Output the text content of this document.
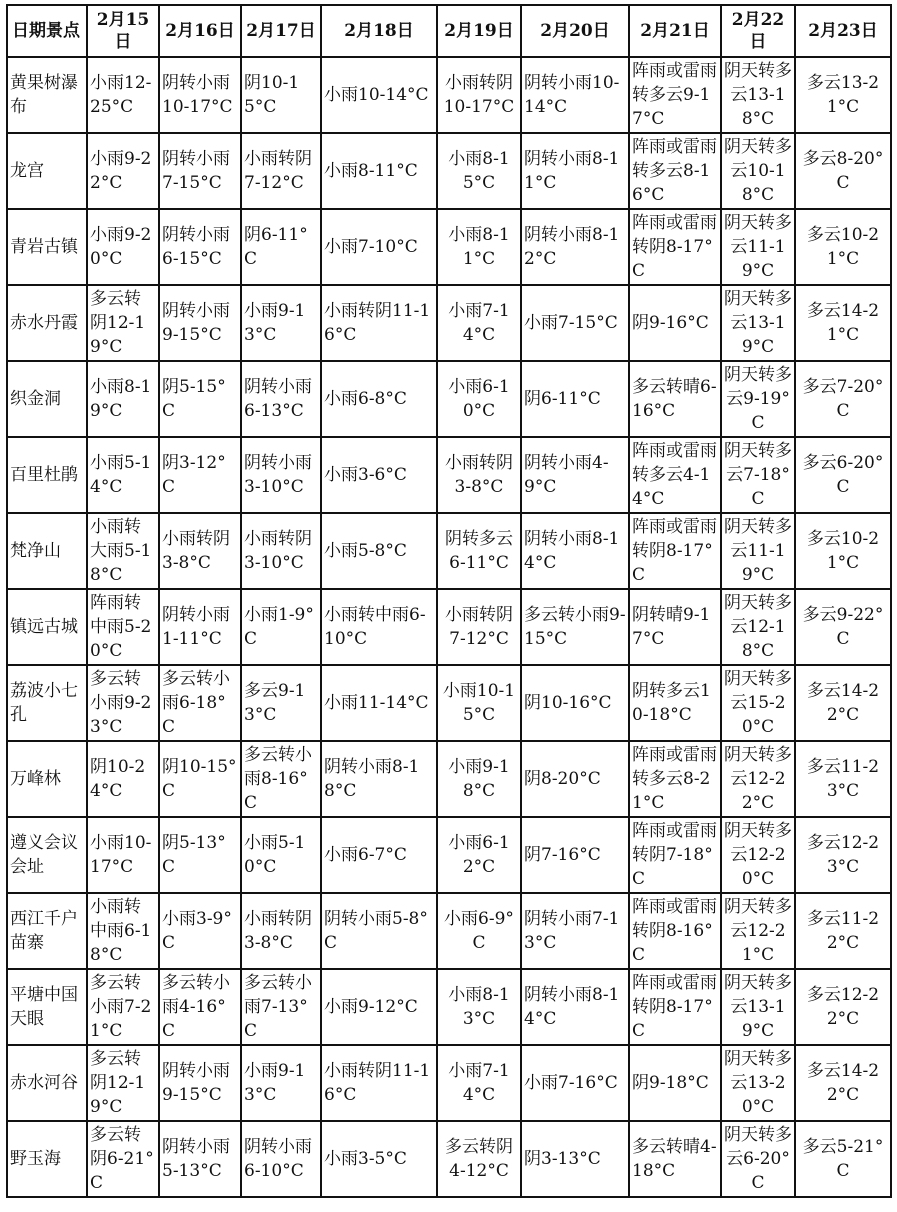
日期景点	2月15日	2月16日	2月17日	2月18日	2月19日	2月20日	2月21日	2月22日	2月23日
黄果树瀑布	小雨12-25°C	阴转小雨10-17°C	阴10-15°C	小雨10-14°C	小雨转阴10-17°C	阴转小雨10-14°C	阵雨或雷雨转多云9-17°C	阴天转多云13-18°C	多云13-21°C
龙宫	小雨9-22°C	阴转小雨7-15°C	小雨转阴7-12°C	小雨8-11°C	小雨8-15°C	阴转小雨8-11°C	阵雨或雷雨转多云8-16°C	阴天转多云10-18°C	多云8-20°C
青岩古镇	小雨9-20°C	阴转小雨6-15°C	阴6-11°C	小雨7-10°C	小雨8-11°C	阴转小雨8-12°C	阵雨或雷雨转阴8-17°C	阴天转多云11-19°C	多云10-21°C
赤水丹霞	多云转阴12-19°C	阴转小雨9-15°C	小雨9-13°C	小雨转阴11-16°C	小雨7-14°C	小雨7-15°C	阴9-16°C	阴天转多云13-19°C	多云14-21°C
织金洞	小雨8-19°C	阴5-15°C	阴转小雨6-13°C	小雨6-8°C	小雨6-10°C	阴6-11°C	多云转晴6-16°C	阴天转多云9-19°C	多云7-20°C
百里杜鹃	小雨5-14°C	阴3-12°C	阴转小雨3-10°C	小雨3-6°C	小雨转阴3-8°C	阴转小雨4-9°C	阵雨或雷雨转多云4-14°C	阴天转多云7-18°C	多云6-20°C
梵净山	小雨转大雨5-18°C	小雨转阴3-8°C	小雨转阴3-10°C	小雨5-8°C	阴转多云6-11°C	阴转小雨8-14°C	阵雨或雷雨转阴8-17°C	阴天转多云11-19°C	多云10-21°C
镇远古城	阵雨转中雨5-20°C	阴转小雨1-11°C	小雨1-9°C	小雨转中雨6-10°C	小雨转阴7-12°C	多云转小雨9-15°C	阴转晴9-17°C	阴天转多云12-18°C	多云9-22°C
荔波小七孔	多云转小雨9-23°C	多云转小雨6-18°C	多云9-13°C	小雨11-14°C	小雨10-15°C	阴10-16°C	阴转多云10-18°C	阴天转多云15-20°C	多云14-22°C
万峰林	阴10-24°C	阴10-15°C	多云转小雨8-16°C	阴转小雨8-18°C	小雨9-18°C	阴8-20°C	阵雨或雷雨转多云8-21°C	阴天转多云12-22°C	多云11-23°C
遵义会议会址	小雨10-17°C	阴5-13°C	小雨5-10°C	小雨6-7°C	小雨6-12°C	阴7-16°C	阵雨或雷雨转阴7-18°C	阴天转多云12-20°C	多云12-23°C
西江千户苗寨	小雨转中雨6-18°C	小雨3-9°C	小雨转阴3-8°C	阴转小雨5-8°C	小雨6-9°C	阴转小雨7-13°C	阵雨或雷雨转阴8-16°C	阴天转多云12-21°C	多云11-22°C
平塘中国天眼	多云转小雨7-21°C	多云转小雨4-16°C	多云转小雨7-13°C	小雨9-12°C	小雨8-13°C	阴转小雨8-14°C	阵雨或雷雨转阴8-17°C	阴天转多云13-19°C	多云12-22°C
赤水河谷	多云转阴12-19°C	阴转小雨9-15°C	小雨9-13°C	小雨转阴11-16°C	小雨7-14°C	小雨7-16°C	阴9-18°C	阴天转多云13-20°C	多云14-22°C
野玉海	多云转阴6-21°C	阴转小雨5-13°C	阴转小雨6-10°C	小雨3-5°C	多云转阴4-12°C	阴3-13°C	多云转晴4-18°C	阴天转多云6-20°C	多云5-21°C
